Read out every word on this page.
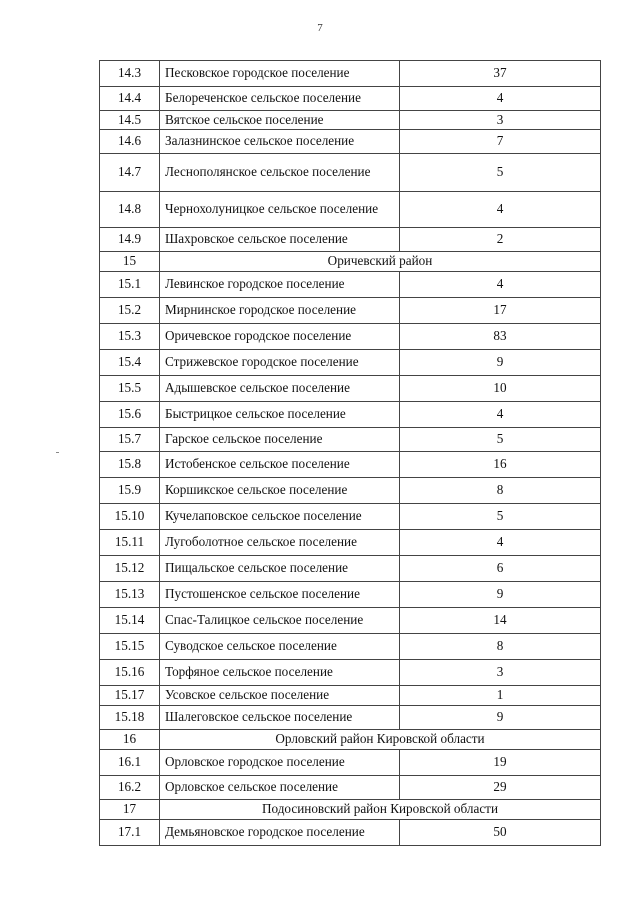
7
14.3	Песковское городское поселение	37
14.4	Белореченское сельское поселение	4
14.5	Вятское сельское поселение	3
14.6	Залазнинское сельское поселение	7
14.7	Леснополянское сельское поселение	5
14.8	Чернохолуницкое сельское поселение	4
14.9	Шахровское сельское поселение	2
15	Оричевский район	
15.1	Левинское городское поселение	4
15.2	Мирнинское городское поселение	17
15.3	Оричевское городское поселение	83
15.4	Стрижевское городское поселение	9
15.5	Адышевское сельское поселение	10
15.6	Быстрицкое сельское поселение	4
15.7	Гарское сельское поселение	5
15.8	Истобенское сельское поселение	16
15.9	Коршикское сельское поселение	8
15.10	Кучелаповское сельское поселение	5
15.11	Лугоболотное сельское поселение	4
15.12	Пищальское сельское поселение	6
15.13	Пустошенское сельское поселение	9
15.14	Спас-Талицкое сельское поселение	14
15.15	Суводское сельское поселение	8
15.16	Торфяное сельское поселение	3
15.17	Усовское сельское поселение	1
15.18	Шалеговское сельское поселение	9
16	Орловский район Кировской области	
16.1	Орловское городское поселение	19
16.2	Орловское сельское поселение	29
17	Подосиновский район Кировской области	
17.1	Демьяновское городское поселение	50
